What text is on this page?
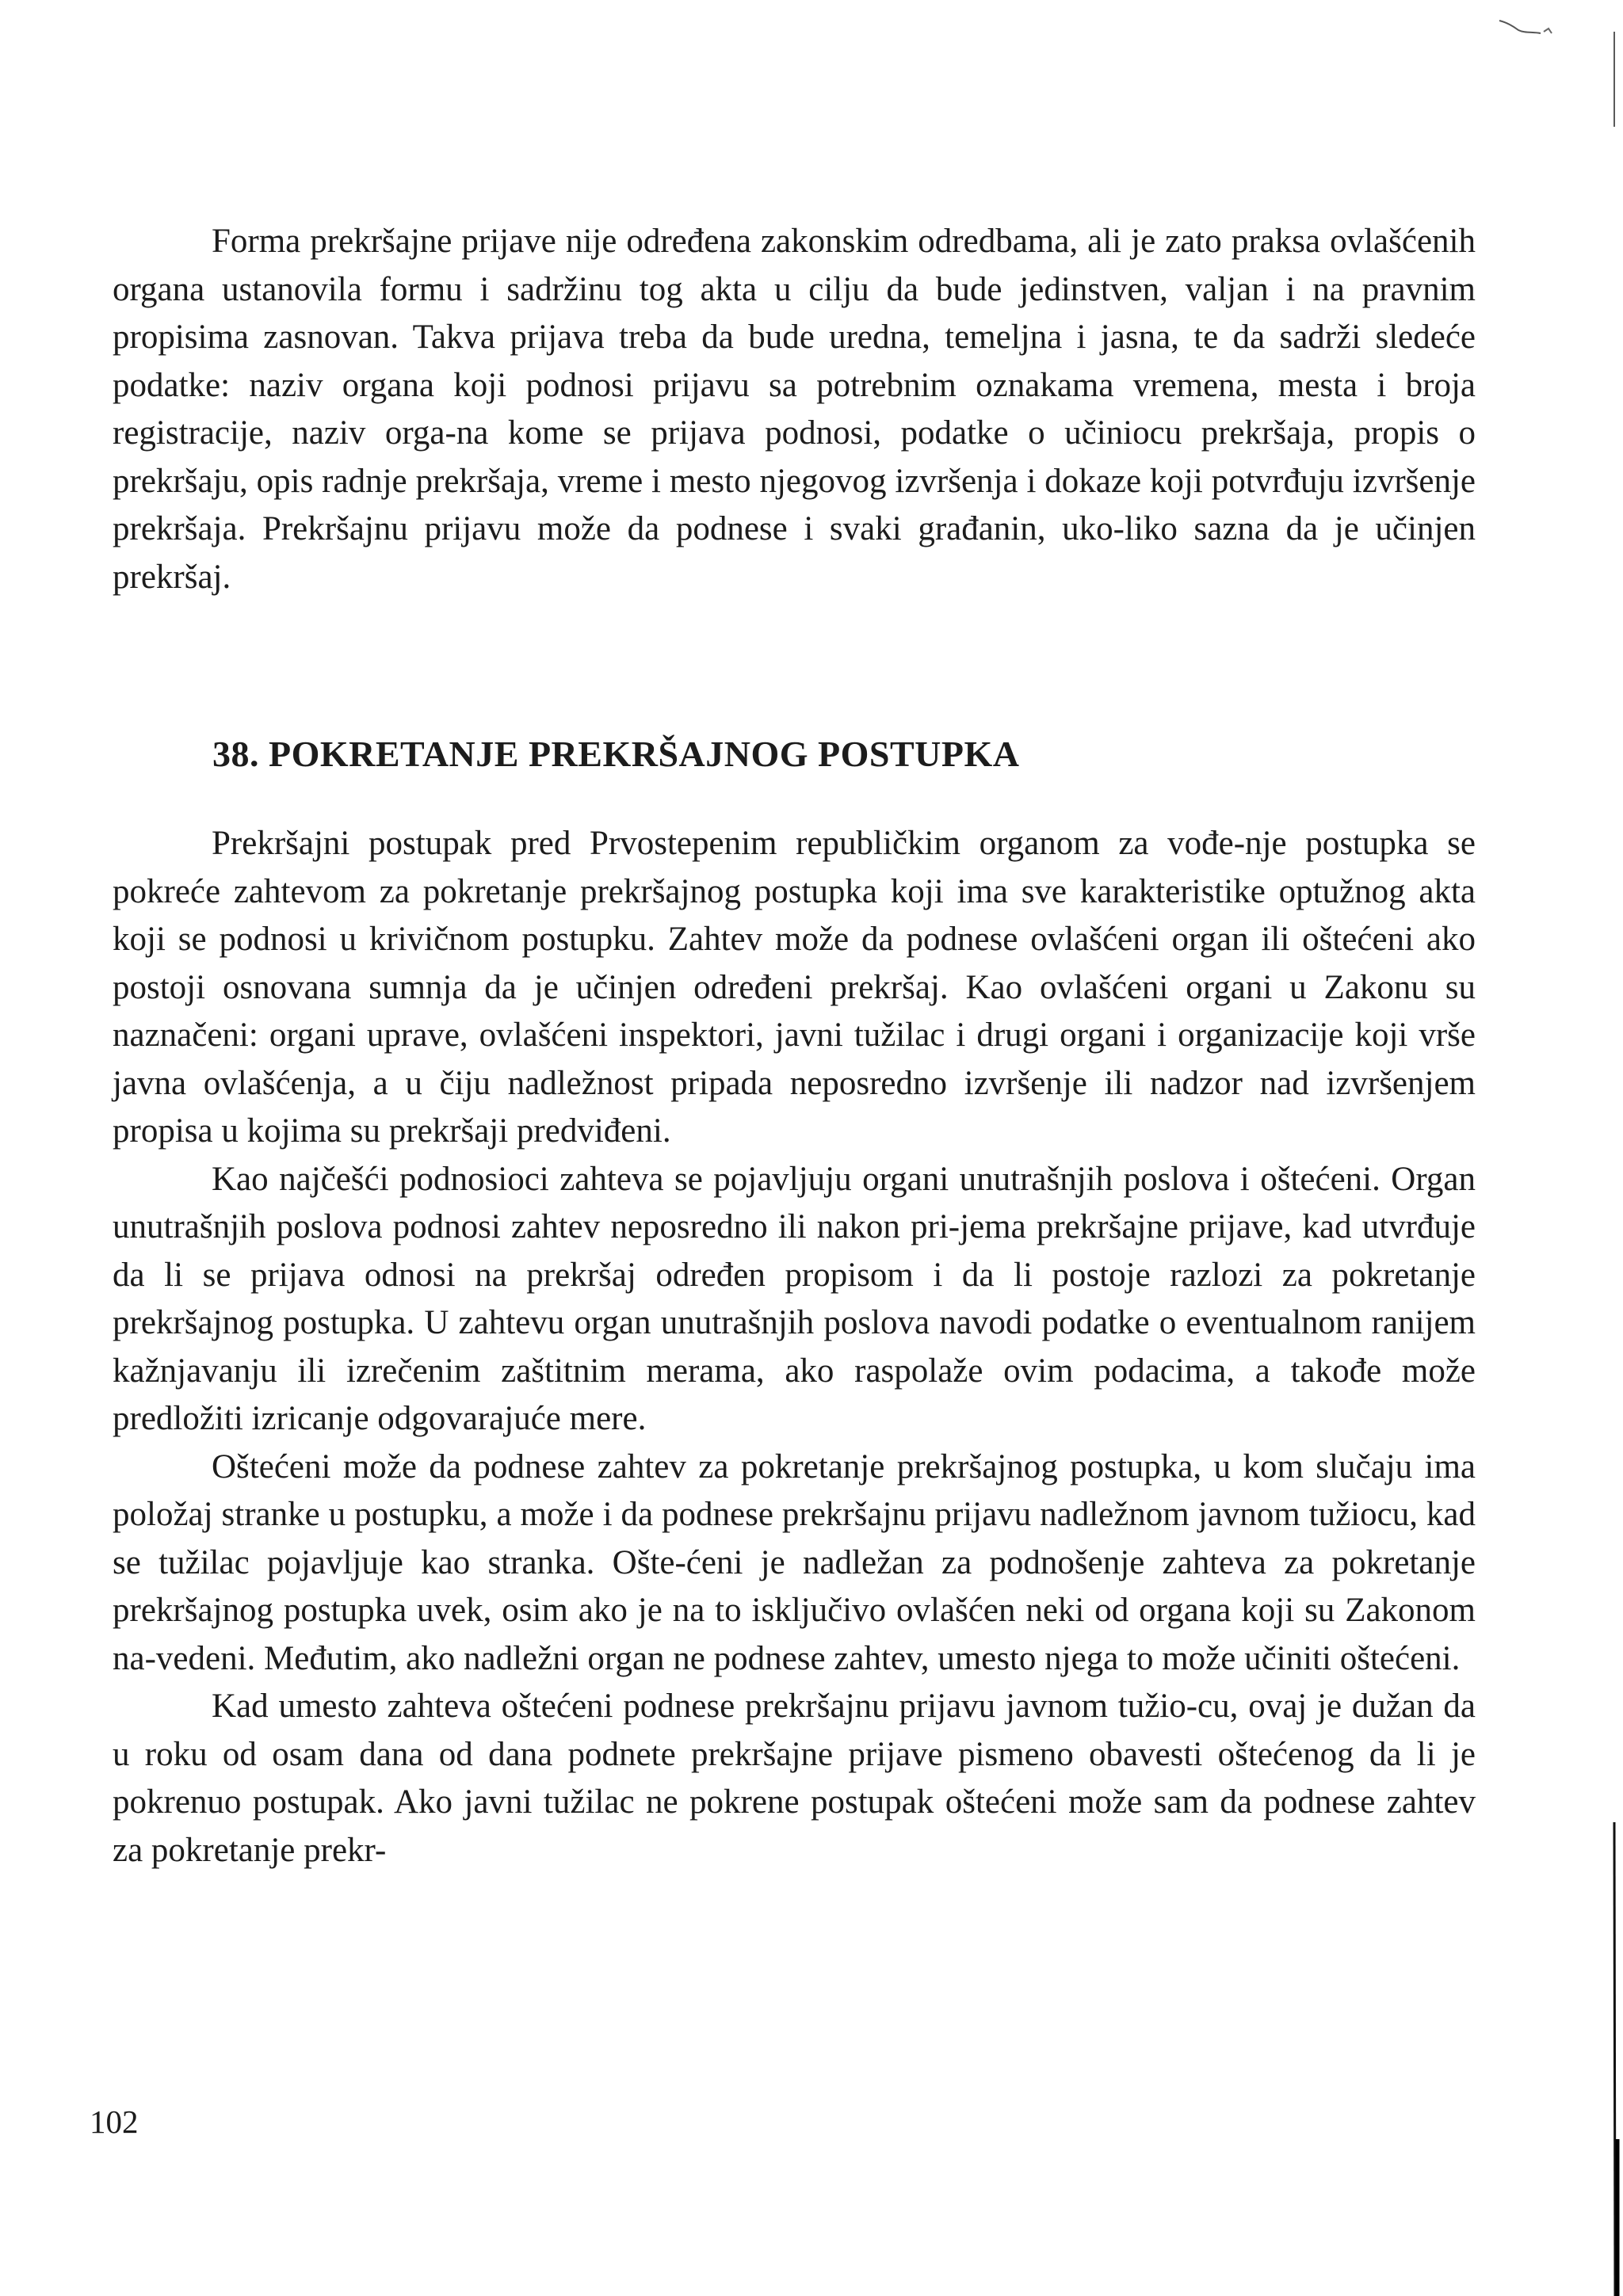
Forma prekršajne prijave nije određena zakonskim odredbama, ali je zato praksa ovlašćenih organa ustanovila formu i sadržinu tog akta u cilju da bude jedinstven, valjan i na pravnim propisima zasnovan. Takva prijava treba da bude uredna, temeljna i jasna, te da sadrži sledeće podatke: naziv organa koji podnosi prijavu sa potrebnim oznakama vremena, mesta i broja registracije, naziv orga-na kome se prijava podnosi, podatke o učiniocu prekršaja, propis o prekršaju, opis radnje prekršaja, vreme i mesto njegovog izvršenja i dokaze koji potvrđuju izvršenje prekršaja. Prekršajnu prijavu može da podnese i svaki građanin, uko-liko sazna da je učinjen prekršaj.

38. POKRETANJE PREKRŠAJNOG POSTUPKA

Prekršajni postupak pred Prvostepenim republičkim organom za vođe-nje postupka se pokreće zahtevom za pokretanje prekršajnog postupka koji ima sve karakteristike optužnog akta koji se podnosi u krivičnom postupku. Zahtev može da podnese ovlašćeni organ ili oštećeni ako postoji osnovana sumnja da je učinjen određeni prekršaj. Kao ovlašćeni organi u Zakonu su naznačeni: organi uprave, ovlašćeni inspektori, javni tužilac i drugi organi i organizacije koji vrše javna ovlašćenja, a u čiju nadležnost pripada neposredno izvršenje ili nadzor nad izvršenjem propisa u kojima su prekršaji predviđeni.

Kao najčešći podnosioci zahteva se pojavljuju organi unutrašnjih poslova i oštećeni. Organ unutrašnjih poslova podnosi zahtev neposredno ili nakon pri-jema prekršajne prijave, kad utvrđuje da li se prijava odnosi na prekršaj određen propisom i da li postoje razlozi za pokretanje prekršajnog postupka. U zahtevu organ unutrašnjih poslova navodi podatke o eventualnom ranijem kažnjavanju ili izrečenim zaštitnim merama, ako raspolaže ovim podacima, a takođe može predložiti izricanje odgovarajuće mere.

Oštećeni može da podnese zahtev za pokretanje prekršajnog postupka, u kom slučaju ima položaj stranke u postupku, a može i da podnese prekršajnu prijavu nadležnom javnom tužiocu, kad se tužilac pojavljuje kao stranka. Ošte-ćeni je nadležan za podnošenje zahteva za pokretanje prekršajnog postupka uvek, osim ako je na to isključivo ovlašćen neki od organa koji su Zakonom na-vedeni. Međutim, ako nadležni organ ne podnese zahtev, umesto njega to može učiniti oštećeni.

Kad umesto zahteva oštećeni podnese prekršajnu prijavu javnom tužio-cu, ovaj je dužan da u roku od osam dana od dana podnete prekršajne prijave pismeno obavesti oštećenog da li je pokrenuo postupak. Ako javni tužilac ne pokrene postupak oštećeni može sam da podnese zahtev za pokretanje prekr-

102
